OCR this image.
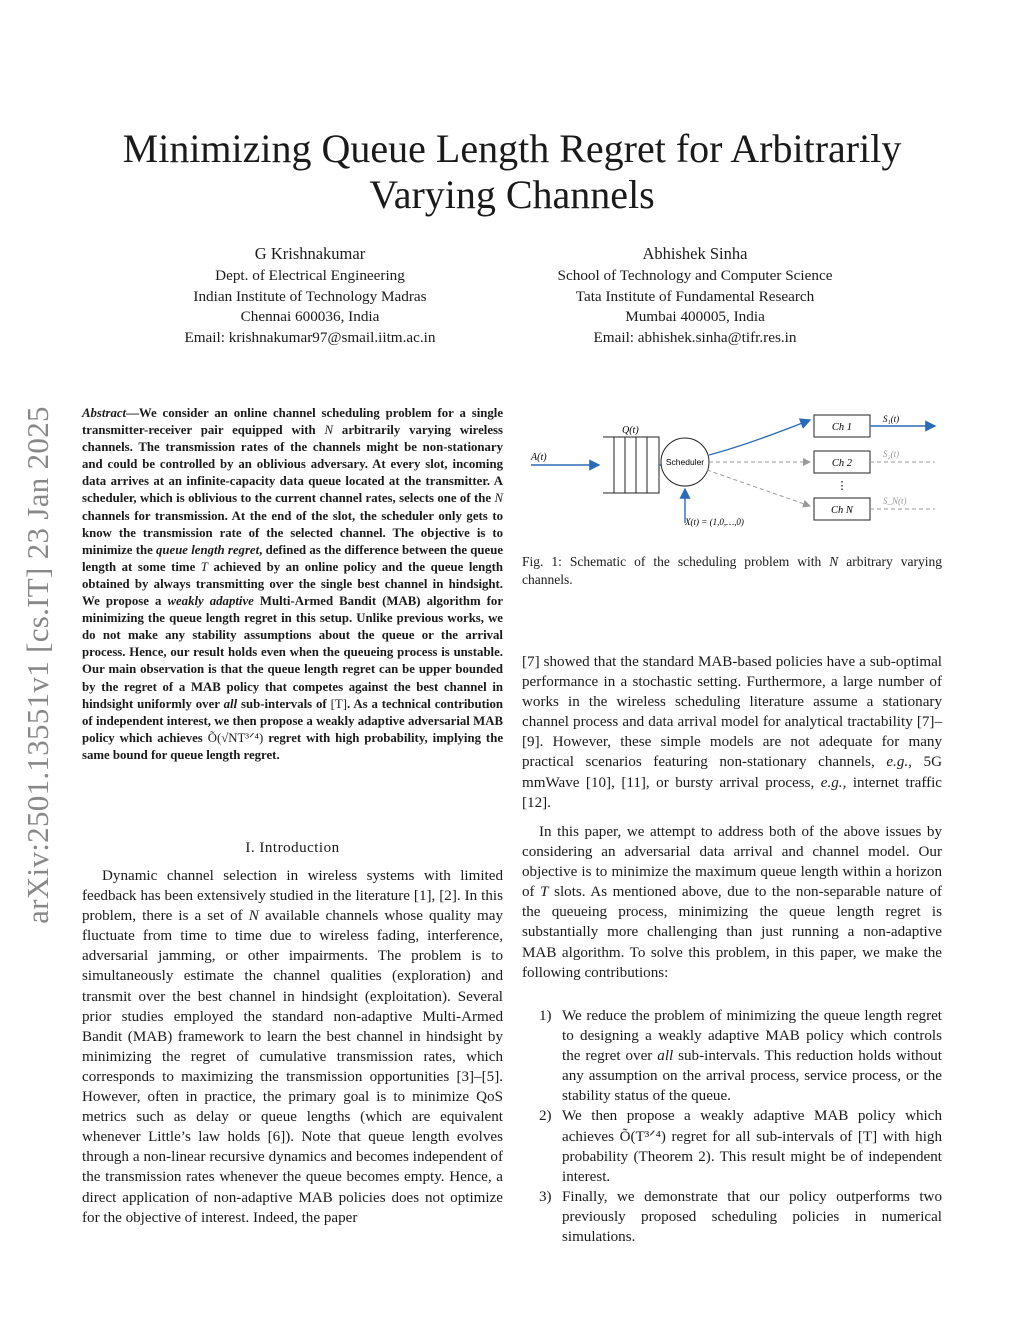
Minimizing Queue Length Regret for Arbitrarily Varying Channels
G Krishnakumar
Dept. of Electrical Engineering
Indian Institute of Technology Madras
Chennai 600036, India
Email: krishnakumar97@smail.iitm.ac.in
Abhishek Sinha
School of Technology and Computer Science
Tata Institute of Fundamental Research
Mumbai 400005, India
Email: abhishek.sinha@tifr.res.in
arXiv:2501.13551v1 [cs.IT] 23 Jan 2025 Abstract—We consider an online channel scheduling problem for a single transmitter-receiver pair equipped with N arbitrarily varying wireless channels. The transmission rates of the channels might be non-stationary and could be controlled by an oblivious adversary. At every slot, incoming data arrives at an infinite-capacity data queue located at the transmitter. A scheduler, which is oblivious to the current channel rates, selects one of the N channels for transmission. At the end of the slot, the scheduler only gets to know the transmission rate of the selected channel. The objective is to minimize the queue length regret, defined as the difference between the queue length at some time T achieved by an online policy and the queue length obtained by always transmitting over the single best channel in hindsight. We propose a weakly adaptive Multi-Armed Bandit (MAB) algorithm for minimizing the queue length regret in this setup. Unlike previous works, we do not make any stability assumptions about the queue or the arrival process. Hence, our result holds even when the queueing process is unstable. Our main observation is that the queue length regret can be upper bounded by the regret of a MAB policy that competes against the best channel in hindsight uniformly over all sub-intervals of [T]. As a technical contribution of independent interest, we then propose a weakly adaptive adversarial MAB policy which achieves Õ(√NT³ᐟ⁴) regret with high probability, implying the same bound for queue length regret.
I. Introduction
Dynamic channel selection in wireless systems with limited feedback has been extensively studied in the literature [1], [2]. In this problem, there is a set of N available channels whose quality may fluctuate from time to time due to wireless fading, interference, adversarial jamming, or other impairments. The problem is to simultaneously estimate the channel qualities (exploration) and transmit over the best channel in hindsight (exploitation). Several prior studies employed the standard non-adaptive Multi-Armed Bandit (MAB) framework to learn the best channel in hindsight by minimizing the regret of cumulative transmission rates, which corresponds to maximizing the transmission opportunities [3]–[5]. However, often in practice, the primary goal is to minimize QoS metrics such as delay or queue lengths (which are equivalent whenever Little’s law holds [6]). Note that queue length evolves through a non-linear recursive dynamics and becomes independent of the transmission rates whenever the queue becomes empty. Hence, a direct application of non-adaptive MAB policies does not optimize for the objective of interest. Indeed, the paper
A(t)
Q(t)
Scheduler
X(t) = (1,0,…,0)
Ch 1
Ch 2
⋮
Ch N
S₁(t)
S₂(t)
S_N(t)
Fig. 1: Schematic of the scheduling problem with N arbitrary varying channels.
[7] showed that the standard MAB-based policies have a sub-optimal performance in a stochastic setting. Furthermore, a large number of works in the wireless scheduling literature assume a stationary channel process and data arrival model for analytical tractability [7]–[9]. However, these simple models are not adequate for many practical scenarios featuring non-stationary channels, e.g., 5G mmWave [10], [11], or bursty arrival process, e.g., internet traffic [12].
In this paper, we attempt to address both of the above issues by considering an adversarial data arrival and channel model. Our objective is to minimize the maximum queue length within a horizon of T slots. As mentioned above, due to the non-separable nature of the queueing process, minimizing the queue length regret is substantially more challenging than just running a non-adaptive MAB algorithm. To solve this problem, in this paper, we make the following contributions:
1) We reduce the problem of minimizing the queue length regret to designing a weakly adaptive MAB policy which controls the regret over all sub-intervals. This reduction holds without any assumption on the arrival process, service process, or the stability status of the queue.
2) We then propose a weakly adaptive MAB policy which achieves Õ(T³ᐟ⁴) regret for all sub-intervals of [T] with high probability (Theorem 2). This result might be of independent interest.
3) Finally, we demonstrate that our policy outperforms two previously proposed scheduling policies in numerical simulations.
